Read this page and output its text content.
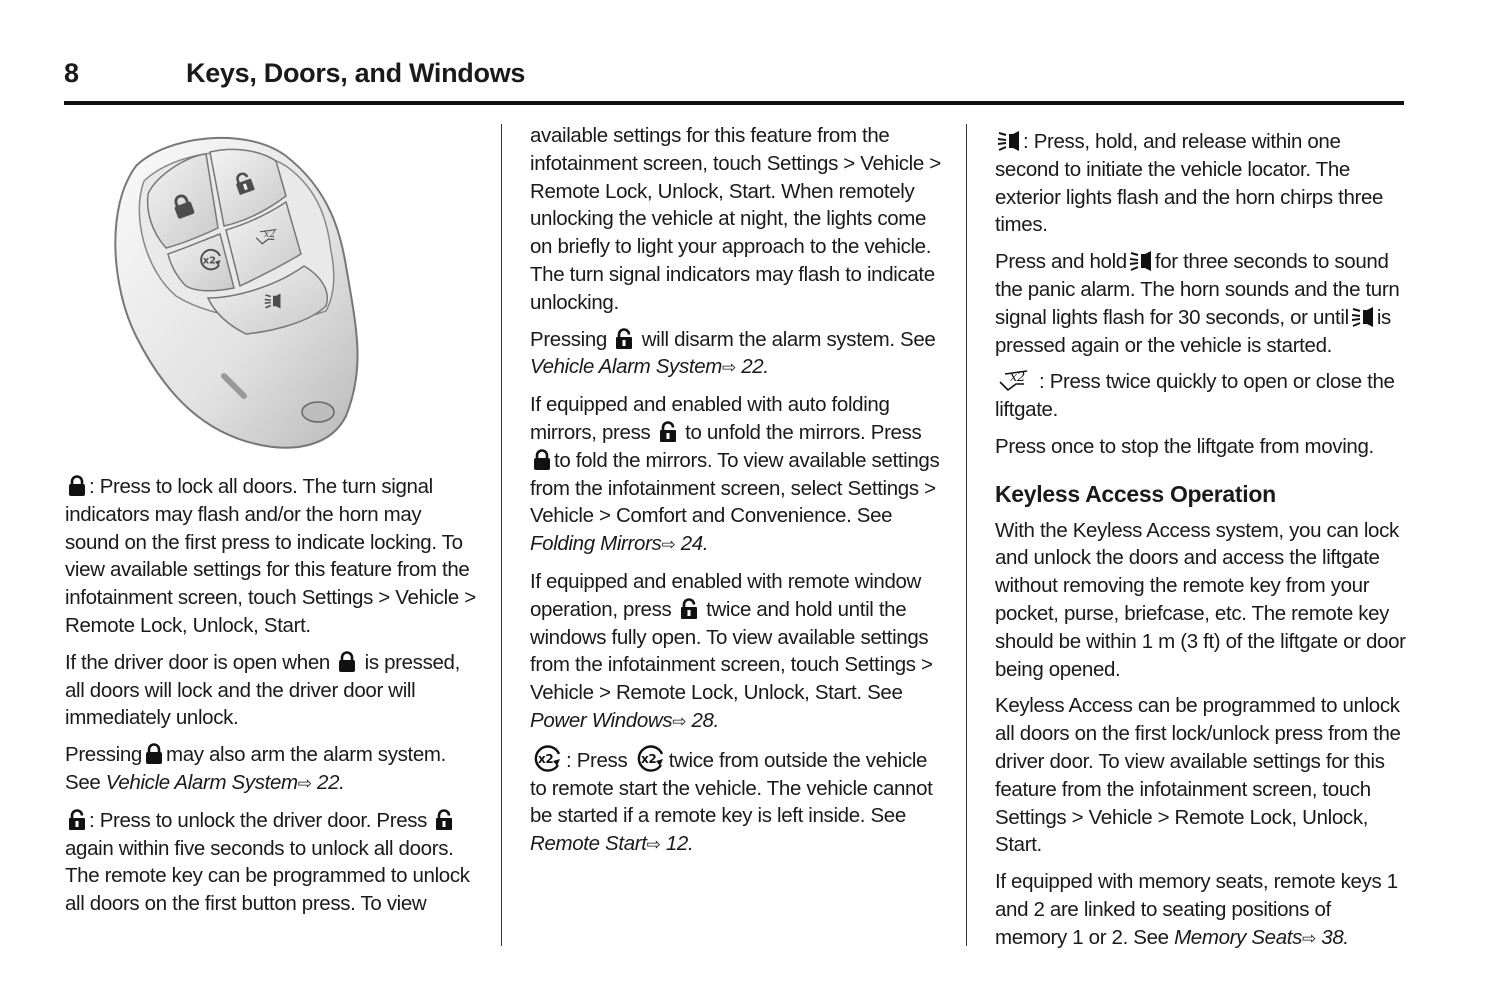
8	Keys, Doors, and Windows

: Press to lock all doors. The turn signal indicators may flash and/or the horn may sound on the first press to indicate locking. To view available settings for this feature from the infotainment screen, touch Settings > Vehicle > Remote Lock, Unlock, Start.

If the driver door is open when is pressed, all doors will lock and the driver door will immediately unlock.

Pressing may also arm the alarm system. See Vehicle Alarm System⇨ 22.

: Press to unlock the driver door. Press  again within five seconds to unlock all doors. The remote key can be programmed to unlock all doors on the first button press. To view

available settings for this feature from the infotainment screen, touch Settings > Vehicle > Remote Lock, Unlock, Start. When remotely unlocking the vehicle at night, the lights come on briefly to light your approach to the vehicle. The turn signal indicators may flash to indicate unlocking.

Pressing will disarm the alarm system. See Vehicle Alarm System⇨ 22.

If equipped and enabled with auto folding mirrors, press to unfold the mirrors. Press to fold the mirrors. To view available settings from the infotainment screen, select Settings > Vehicle > Comfort and Convenience. See Folding Mirrors⇨ 24.

If equipped and enabled with remote window operation, press twice and hold until the windows fully open. To view available settings from the infotainment screen, touch Settings > Vehicle > Remote Lock, Unlock, Start. See Power Windows⇨ 28.

: Press twice from outside the vehicle to remote start the vehicle. The vehicle cannot be started if a remote key is left inside. See Remote Start⇨ 12.

: Press, hold, and release within one second to initiate the vehicle locator. The exterior lights flash and the horn chirps three times.

Press and hold for three seconds to sound the panic alarm. The horn sounds and the turn signal lights flash for 30 seconds, or until is pressed again or the vehicle is started.

: Press twice quickly to open or close the liftgate.

Press once to stop the liftgate from moving.

Keyless Access Operation

With the Keyless Access system, you can lock and unlock the doors and access the liftgate without removing the remote key from your pocket, purse, briefcase, etc. The remote key should be within 1 m (3 ft) of the liftgate or door being opened.

Keyless Access can be programmed to unlock all doors on the first lock/unlock press from the driver door. To view available settings for this feature from the infotainment screen, touch Settings > Vehicle > Remote Lock, Unlock, Start.

If equipped with memory seats, remote keys 1 and 2 are linked to seating positions of memory 1 or 2. See Memory Seats⇨ 38.
